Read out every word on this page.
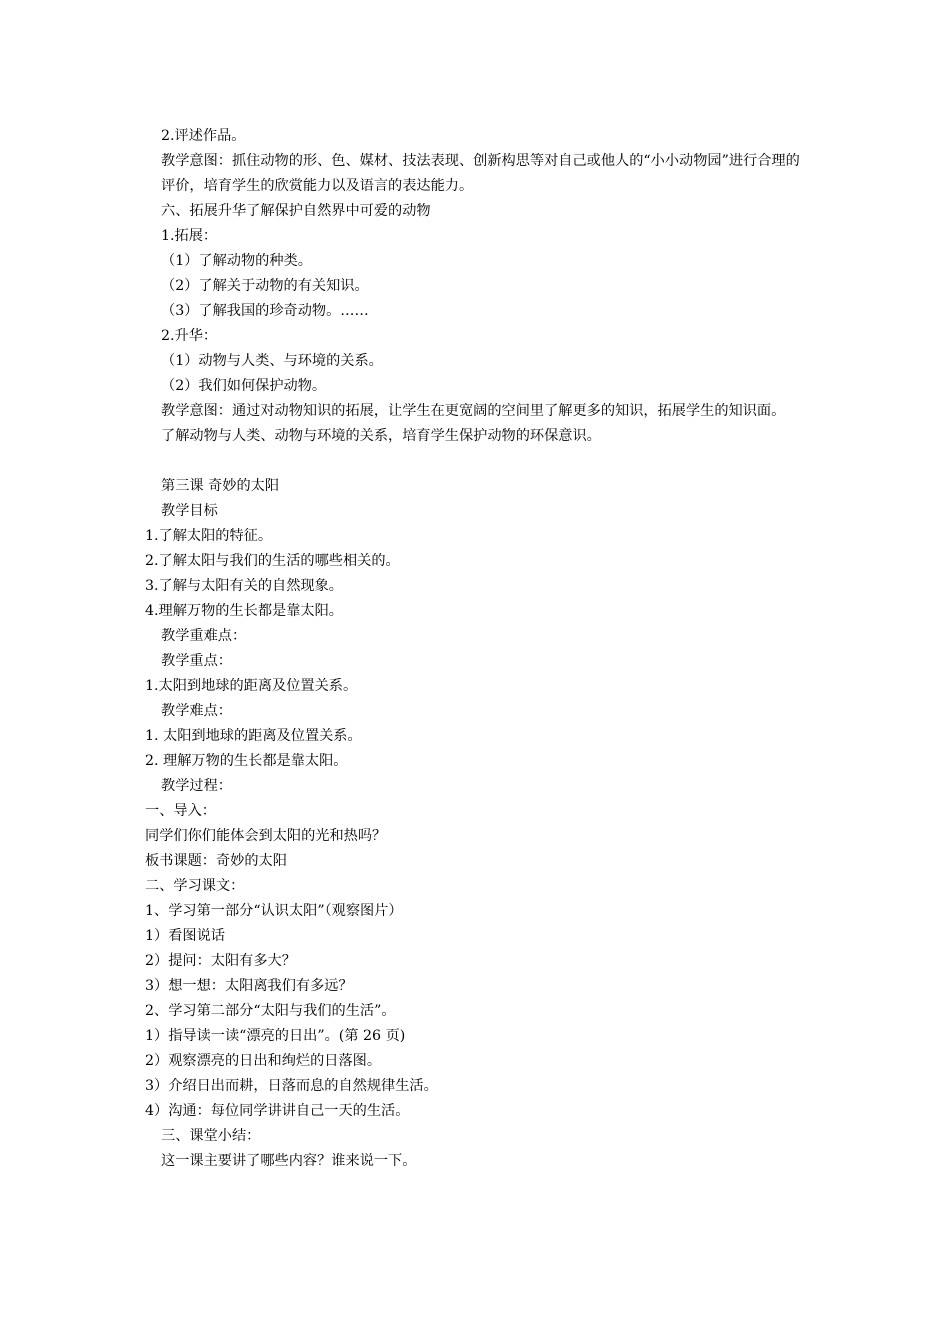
2.评述作品。
教学意图：抓住动物的形、色、媒材、技法表现、创新构思等对自己或他人的“小小动物园”进行合理的评价，培育学生的欣赏能力以及语言的表达能力。
六、拓展升华了解保护自然界中可爱的动物
1.拓展：
（1）了解动物的种类。
（2）了解关于动物的有关知识。
（3）了解我国的珍奇动物。……
2.升华：
（1）动物与人类、与环境的关系。
（2）我们如何保护动物。
教学意图：通过对动物知识的拓展，让学生在更宽阔的空间里了解更多的知识，拓展学生的知识面。
了解动物与人类、动物与环境的关系，培育学生保护动物的环保意识。
第三课 奇妙的太阳
教学目标
1.了解太阳的特征。
2.了解太阳与我们的生活的哪些相关的。
3.了解与太阳有关的自然现象。
4.理解万物的生长都是靠太阳。
教学重难点：
教学重点：
1.太阳到地球的距离及位置关系。
教学难点：
1. 太阳到地球的距离及位置关系。
2. 理解万物的生长都是靠太阳。
教学过程：
一、导入：
同学们你们能体会到太阳的光和热吗？
板书课题：奇妙的太阳
二、学习课文：
1、学习第一部分“认识太阳”（观察图片）
1）看图说话
2）提问：太阳有多大？
3）想一想：太阳离我们有多远？
2、学习第二部分“太阳与我们的生活”。
1）指导读一读“漂亮的日出”。(第 26 页)
2）观察漂亮的日出和绚烂的日落图。
3）介绍日出而耕，日落而息的自然规律生活。
4）沟通：每位同学讲讲自己一天的生活。
三、课堂小结：
这一课主要讲了哪些内容？谁来说一下。
